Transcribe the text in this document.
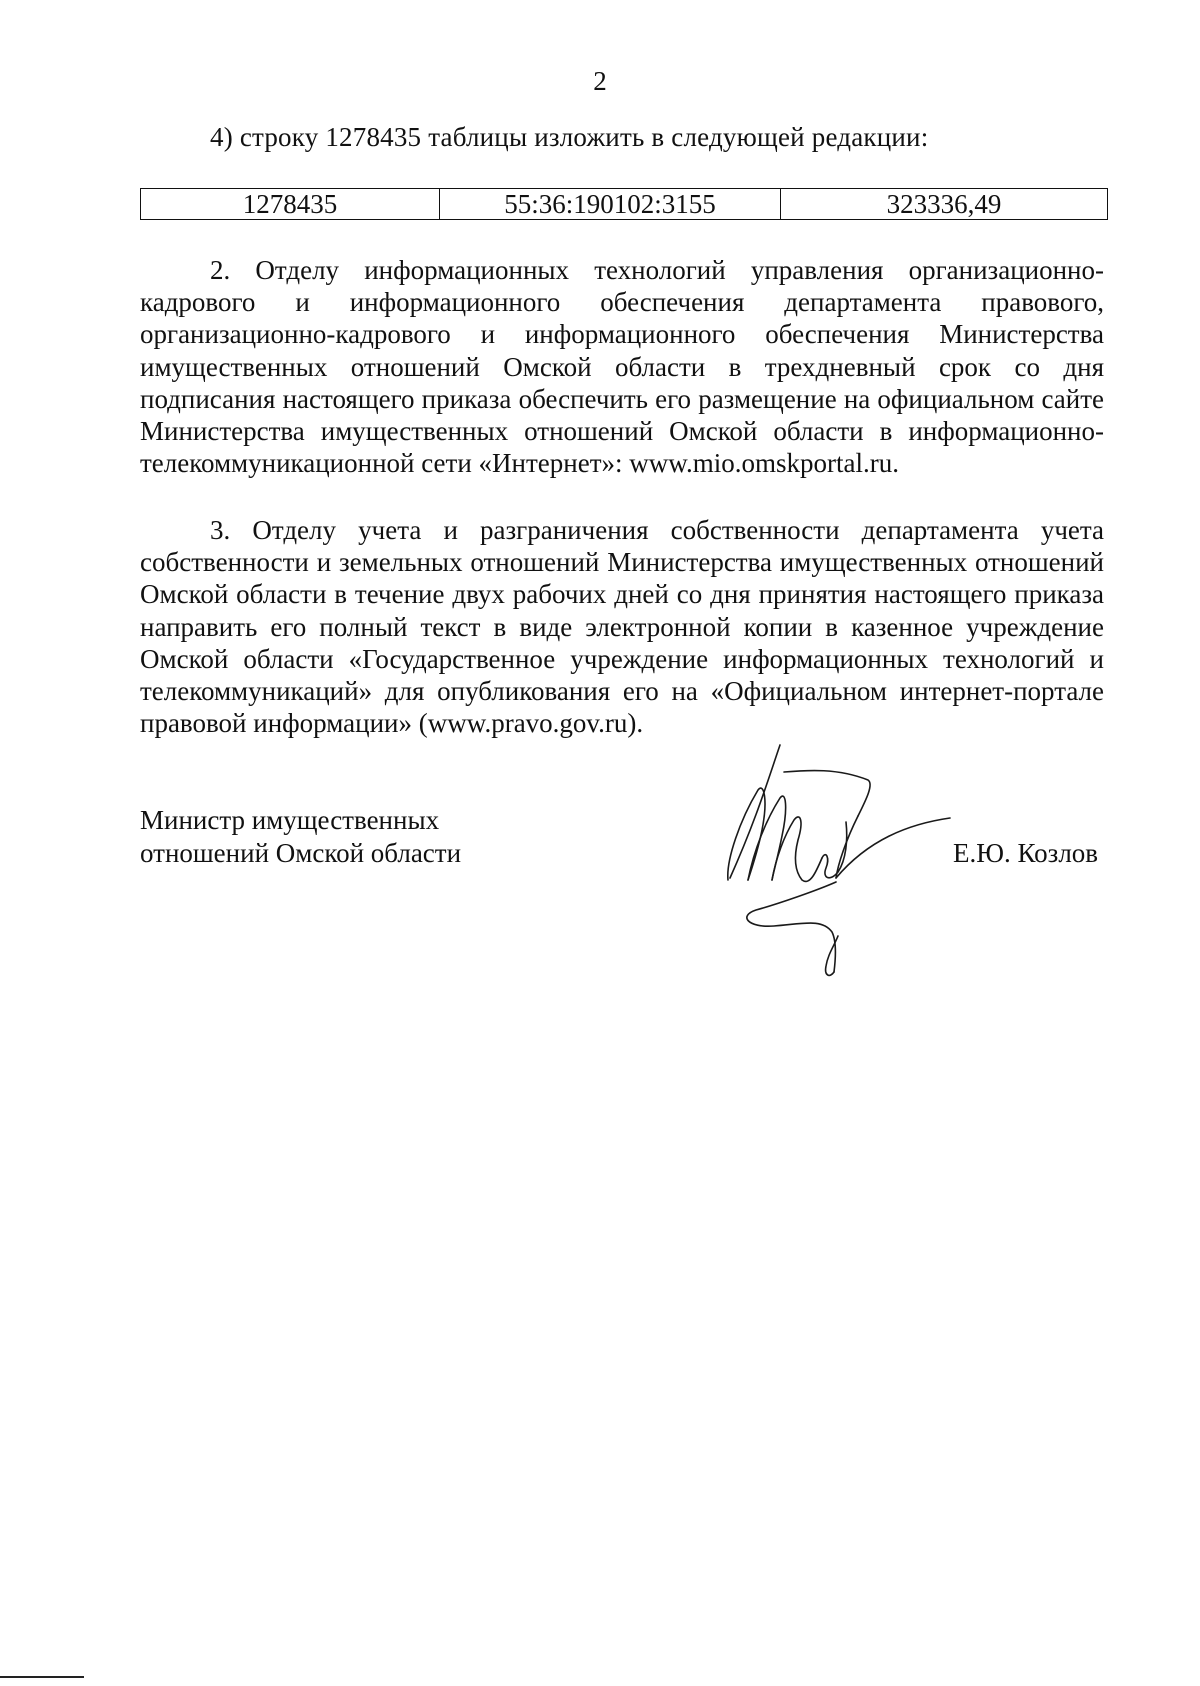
2
4) строку 1278435 таблицы изложить в следующей редакции:
1278435	55:36:190102:3155	323336,49

2. Отделу информационных технологий управления организационно-кадрового и информационного обеспечения департамента правового, организационно-кадрового и информационного обеспечения Министерства имущественных отношений Омской области в трехдневный срок со дня подписания настоящего приказа обеспечить его размещение на официальном сайте Министерства имущественных отношений Омской области в информационно-телекоммуникационной сети «Интернет»: www.mio.omskportal.ru.

3. Отделу учета и разграничения собственности департамента учета собственности и земельных отношений Министерства имущественных отношений Омской области в течение двух рабочих дней со дня принятия настоящего приказа направить его полный текст в виде электронной копии в казенное учреждение Омской области «Государственное учреждение информационных технологий и телекоммуникаций» для опубликования его на «Официальном интернет-портале правовой информации» (www.pravo.gov.ru).

Министр имущественных
отношений Омской области	Е.Ю. Козлов
